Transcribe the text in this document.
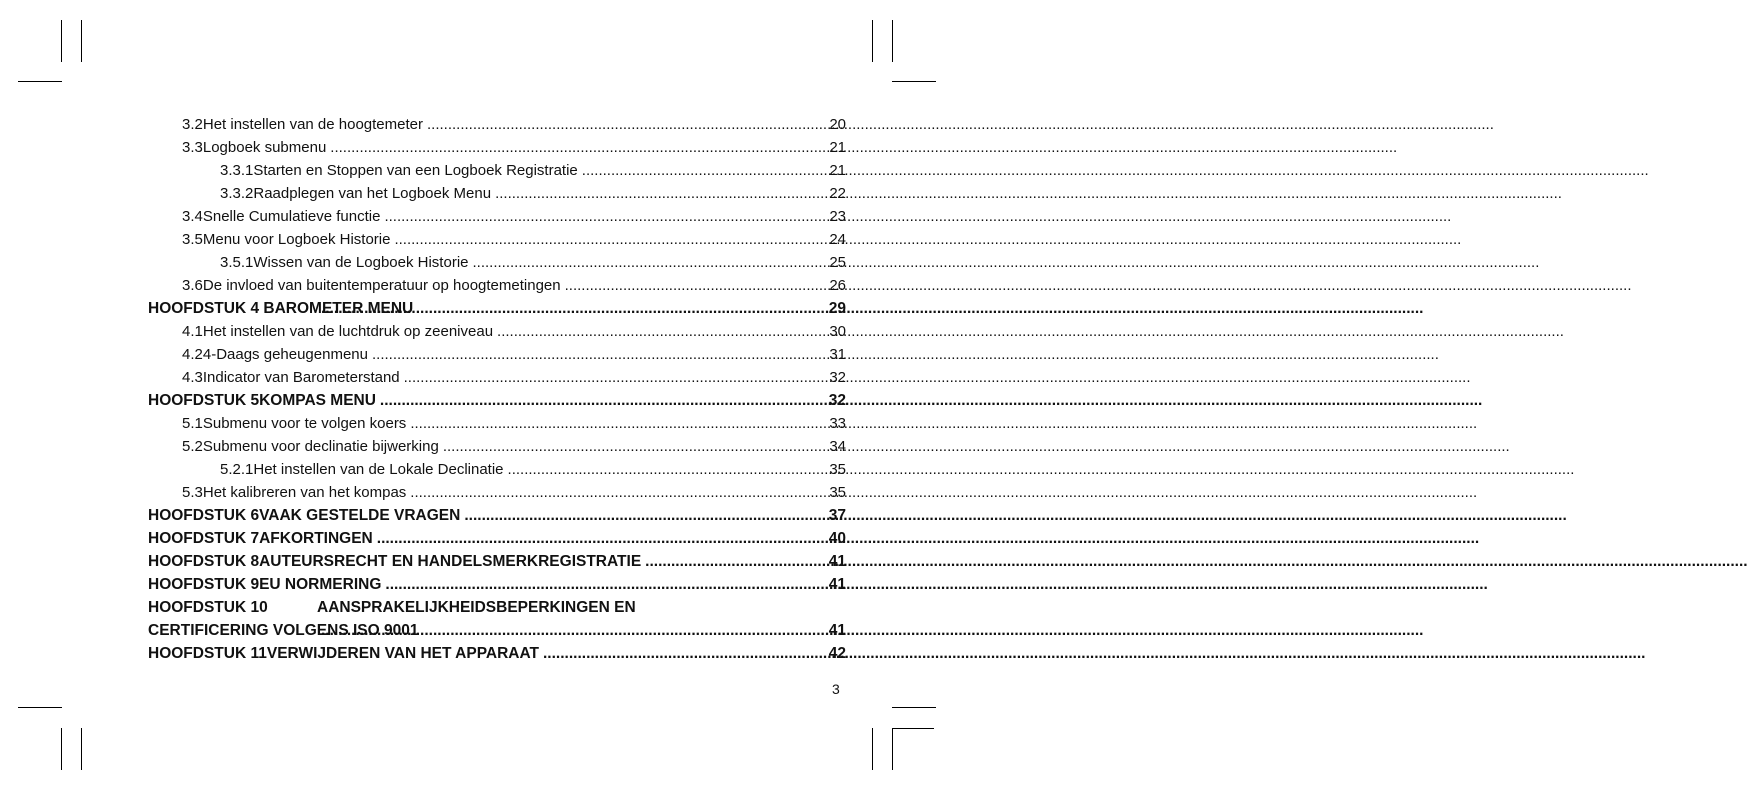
3.2 Het instellen van de hoogtemeter .....	20
3.3 Logboek submenu .....	21
3.3.1 Starten en Stoppen van een Logboek Registratie .....	21
3.3.2 Raadplegen van het Logboek Menu .....	22
3.4 Snelle Cumulatieve functie .....	23
3.5 Menu voor Logboek Historie .....	24
3.5.1 Wissen van de Logboek Historie .....	25
3.6 De invloed van buitentemperatuur op hoogtemetingen .....	26
HOOFDSTUK 4 BAROMETER MENU .....	29
4.1 Het instellen van de luchtdruk op zeeniveau .....	30
4.2 4-Daags geheugenmenu .....	31
4.3 Indicator van Barometerstand .....	32
HOOFDSTUK 5 KOMPAS MENU .....	32
5.1 Submenu voor te volgen koers .....	33
5.2 Submenu voor declinatie bijwerking .....	34
5.2.1 Het instellen van de Lokale Declinatie .....	35
5.3 Het kalibreren van het kompas .....	35
HOOFDSTUK 6 VAAK GESTELDE VRAGEN .....	37
HOOFDSTUK 7 AFKORTINGEN .....	40
HOOFDSTUK 8 AUTEURSRECHT EN HANDELSMERKREGISTRATIE .....	41
HOOFDSTUK 9 EU NORMERING .....	41
HOOFDSTUK 10	AANSPRAKELIJKHEIDSBEPERKINGEN EN
CERTIFICERING VOLGENS ISO 9001 .....	41
HOOFDSTUK 11 VERWIJDEREN VAN HET APPARAAT .....	42
3
